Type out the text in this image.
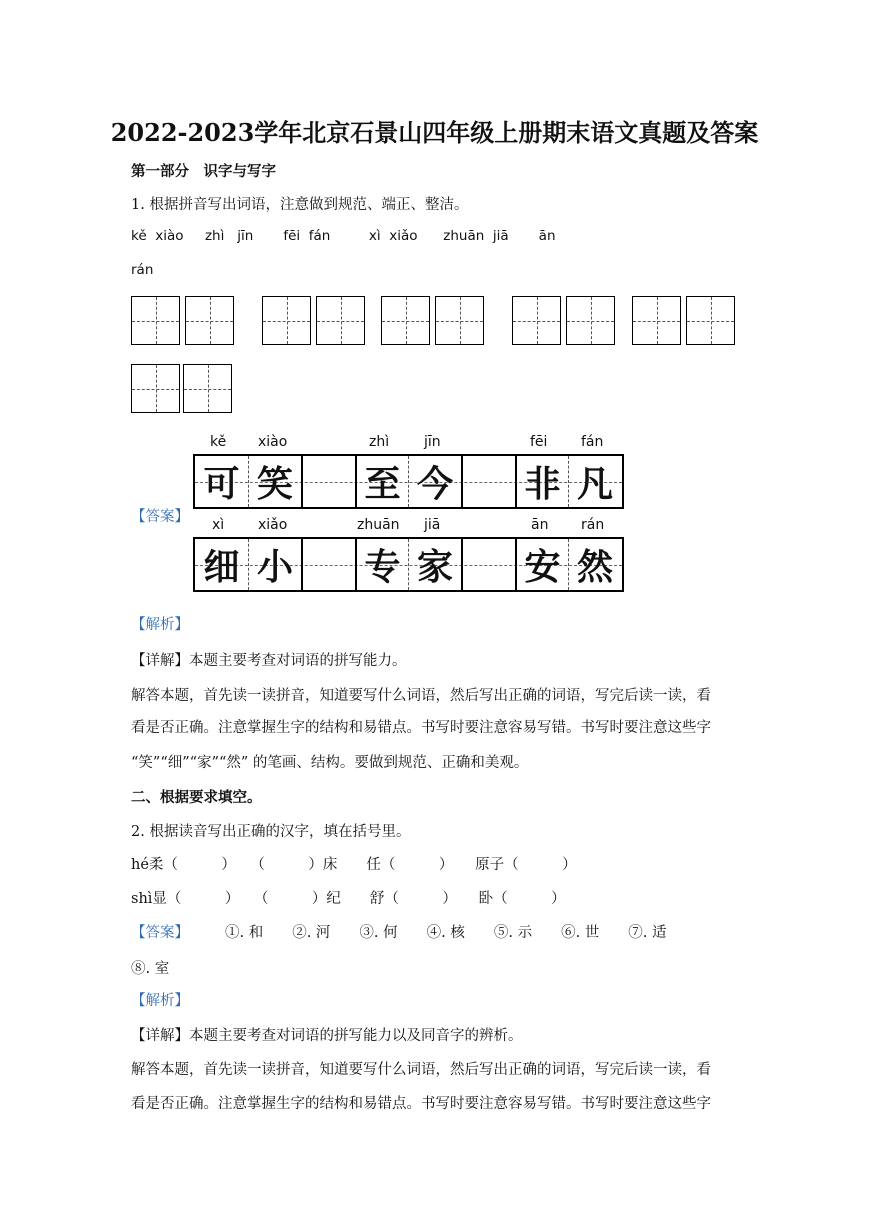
2022-2023学年北京石景山四年级上册期末语文真题及答案
第一部分　识字与写字
1. 根据拼音写出词语，注意做到规范、端正、整洁。
kě  xiào     zhì   jīn       fēi  fán         xì  xiǎo      zhuān  jiā       ān
rán
【答案】
kě xiào	zhì jīn	fēi fán
可 笑 至 今 非 凡
xì xiǎo	zhuān jiā	ān rán
细 小 专 家 安 然
【解析】
【详解】本题主要考查对词语的拼写能力。
解答本题，首先读一读拼音，知道要写什么词语，然后写出正确的词语，写完后读一读，看
看是否正确。注意掌握生字的结构和易错点。书写时要注意容易写错。书写时要注意这些字
“笑”“细”“家”“然” 的笔画、结构。要做到规范、正确和美观。
二、根据要求填空。
2. 根据读音写出正确的汉字，填在括号里。
hé柔（　　　）　　（　　　）床　　任（　　　）　　原子（　　　）
shì显（　　　）　　（　　　）纪　　舒（　　　）　　卧（　　　）
【答案】 ①. 和　　②. 河　　③. 何　　④. 核　　⑤. 示　　⑥. 世　　⑦. 适
⑧. 室
【解析】
【详解】本题主要考查对词语的拼写能力以及同音字的辨析。
解答本题，首先读一读拼音，知道要写什么词语，然后写出正确的词语，写完后读一读，看
看是否正确。注意掌握生字的结构和易错点。书写时要注意容易写错。书写时要注意这些字
